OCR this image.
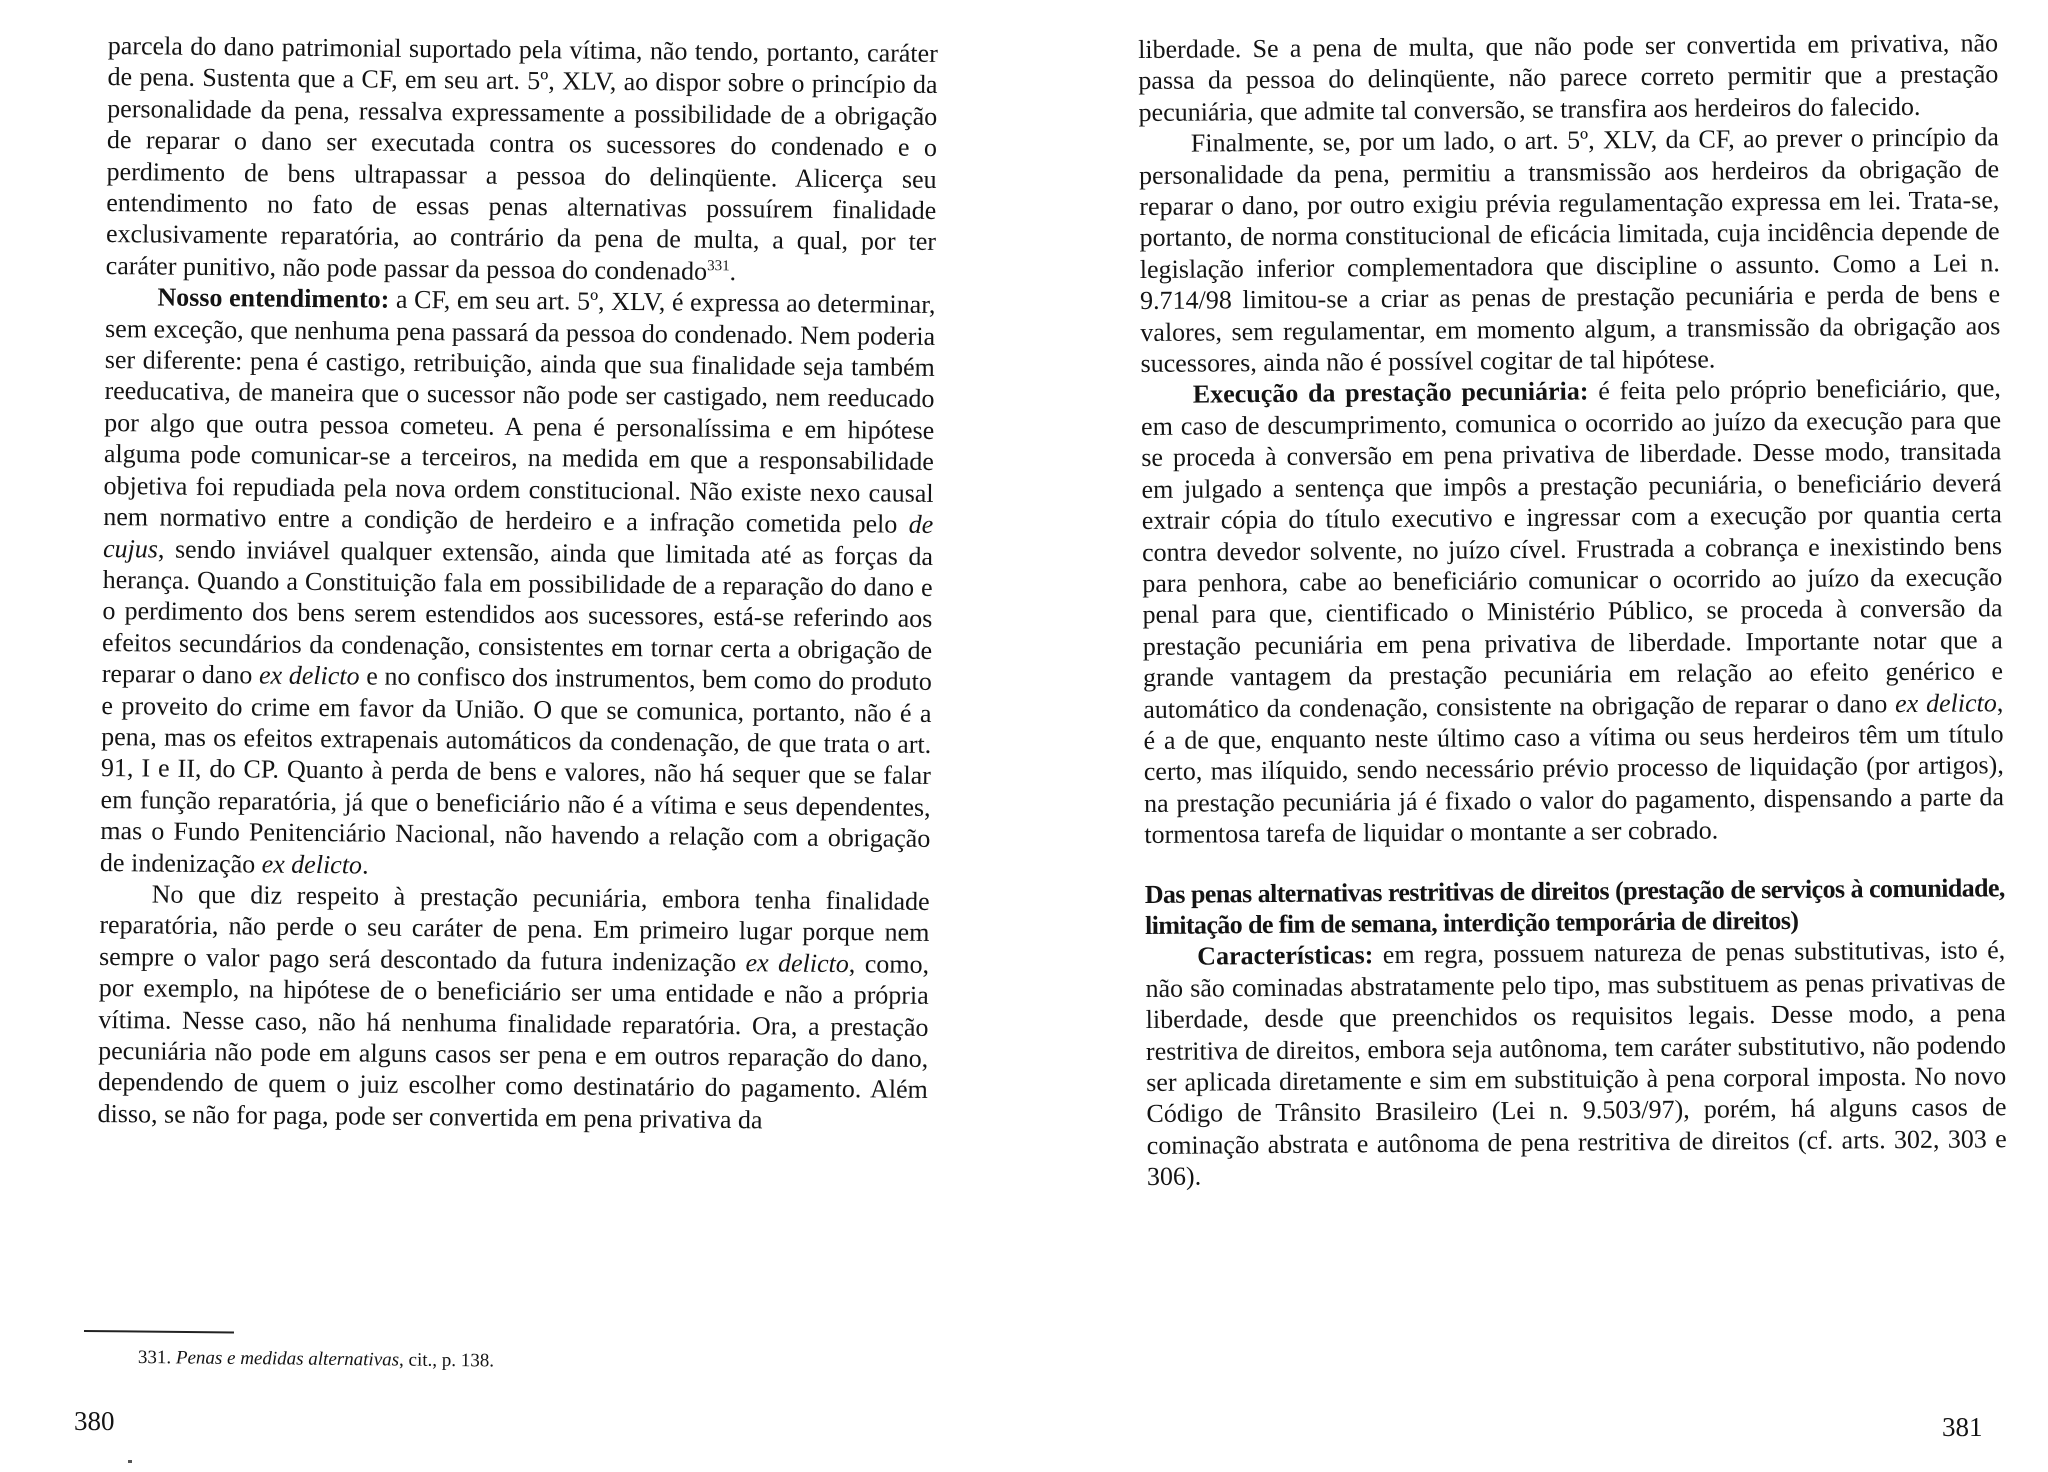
parcela do dano patrimonial suportado pela vítima, não tendo, portanto, caráter de pena. Sustenta que a CF, em seu art. 5º, XLV, ao dispor sobre o princípio da personalidade da pena, ressalva expressamente a possibilidade de a obrigação de reparar o dano ser executada contra os sucessores do condenado e o perdimento de bens ultrapassar a pessoa do delinqüente. Alicerça seu entendimento no fato de essas penas alternativas possuírem finalidade exclusivamente reparatória, ao contrário da pena de multa, a qual, por ter caráter punitivo, não pode passar da pessoa do condenado$^{331}$.

Nosso entendimento: a CF, em seu art. 5º, XLV, é expressa ao determinar, sem exceção, que nenhuma pena passará da pessoa do condenado. Nem poderia ser diferente: pena é castigo, retribuição, ainda que sua finalidade seja também reeducativa, de maneira que o sucessor não pode ser castigado, nem reeducado por algo que outra pessoa cometeu. A pena é personalíssima e em hipótese alguma pode comunicar-se a terceiros, na medida em que a responsabilidade objetiva foi repudiada pela nova ordem constitucional. Não existe nexo causal nem normativo entre a condição de herdeiro e a infração cometida pelo de cujus, sendo inviável qualquer extensão, ainda que limitada até as forças da herança. Quando a Constituição fala em possibilidade de a reparação do dano e o perdimento dos bens serem estendidos aos sucessores, está-se referindo aos efeitos secundários da condenação, consistentes em tornar certa a obrigação de reparar o dano ex delicto e no confisco dos instrumentos, bem como do produto e proveito do crime em favor da União. O que se comunica, portanto, não é a pena, mas os efeitos extrapenais automáticos da condenação, de que trata o art. 91, I e II, do CP. Quanto à perda de bens e valores, não há sequer que se falar em função reparatória, já que o beneficiário não é a vítima e seus dependentes, mas o Fundo Penitenciário Nacional, não havendo a relação com a obrigação de indenização ex delicto.

No que diz respeito à prestação pecuniária, embora tenha finalidade reparatória, não perde o seu caráter de pena. Em primeiro lugar porque nem sempre o valor pago será descontado da futura indenização ex delicto, como, por exemplo, na hipótese de o beneficiário ser uma entidade e não a própria vítima. Nesse caso, não há nenhuma finalidade reparatória. Ora, a prestação pecuniária não pode em alguns casos ser pena e em outros reparação do dano, dependendo de quem o juiz escolher como destinatário do pagamento. Além disso, se não for paga, pode ser convertida em pena privativa da

331. Penas e medidas alternativas, cit., p. 138.
380

liberdade. Se a pena de multa, que não pode ser convertida em privativa, não passa da pessoa do delinqüente, não parece correto permitir que a prestação pecuniária, que admite tal conversão, se transfira aos herdeiros do falecido.

Finalmente, se, por um lado, o art. 5º, XLV, da CF, ao prever o princípio da personalidade da pena, permitiu a transmissão aos herdeiros da obrigação de reparar o dano, por outro exigiu prévia regulamentação expressa em lei. Trata-se, portanto, de norma constitucional de eficácia limitada, cuja incidência depende de legislação inferior complementadora que discipline o assunto. Como a Lei n. 9.714/98 limitou-se a criar as penas de prestação pecuniária e perda de bens e valores, sem regulamentar, em momento algum, a transmissão da obrigação aos sucessores, ainda não é possível cogitar de tal hipótese.

Execução da prestação pecuniária: é feita pelo próprio beneficiário, que, em caso de descumprimento, comunica o ocorrido ao juízo da execução para que se proceda à conversão em pena privativa de liberdade. Desse modo, transitada em julgado a sentença que impôs a prestação pecuniária, o beneficiário deverá extrair cópia do título executivo e ingressar com a execução por quantia certa contra devedor solvente, no juízo cível. Frustrada a cobrança e inexistindo bens para penhora, cabe ao beneficiário comunicar o ocorrido ao juízo da execução penal para que, cientificado o Ministério Público, se proceda à conversão da prestação pecuniária em pena privativa de liberdade. Importante notar que a grande vantagem da prestação pecuniária em relação ao efeito genérico e automático da condenação, consistente na obrigação de reparar o dano ex delicto, é a de que, enquanto neste último caso a vítima ou seus herdeiros têm um título certo, mas ilíquido, sendo necessário prévio processo de liquidação (por artigos), na prestação pecuniária já é fixado o valor do pagamento, dispensando a parte da tormentosa tarefa de liquidar o montante a ser cobrado.

Das penas alternativas restritivas de direitos (prestação de serviços à comunidade, limitação de fim de semana, interdição temporária de direitos)

Características: em regra, possuem natureza de penas substitutivas, isto é, não são cominadas abstratamente pelo tipo, mas substituem as penas privativas de liberdade, desde que preenchidos os requisitos legais. Desse modo, a pena restritiva de direitos, embora seja autônoma, tem caráter substitutivo, não podendo ser aplicada diretamente e sim em substituição à pena corporal imposta. No novo Código de Trânsito Brasileiro (Lei n. 9.503/97), porém, há alguns casos de cominação abstrata e autônoma de pena restritiva de direitos (cf. arts. 302, 303 e 306).

381
